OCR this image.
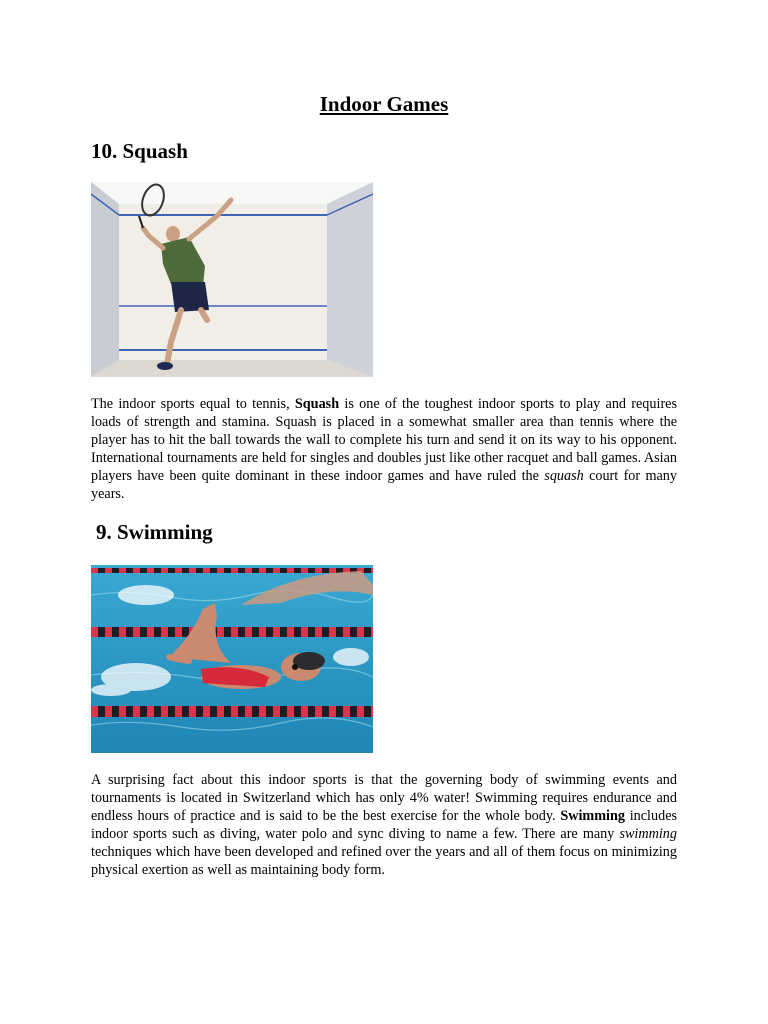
Indoor Games
10. Squash

The indoor sports equal to tennis, Squash is one of the toughest indoor sports to play and requires loads of strength and stamina. Squash is placed in a somewhat smaller area than tennis where the player has to hit the ball towards the wall to complete his turn and send it on its way to his opponent. International tournaments are held for singles and doubles just like other racquet and ball games. Asian players have been quite dominant in these indoor games and have ruled the squash court for many years.

9. Swimming

A surprising fact about this indoor sports is that the governing body of swimming events and tournaments is located in Switzerland which has only 4% water! Swimming requires endurance and endless hours of practice and is said to be the best exercise for the whole body. Swimming includes indoor sports such as diving, water polo and sync diving to name a few. There are many swimming techniques which have been developed and refined over the years and all of them focus on minimizing physical exertion as well as maintaining body form.
